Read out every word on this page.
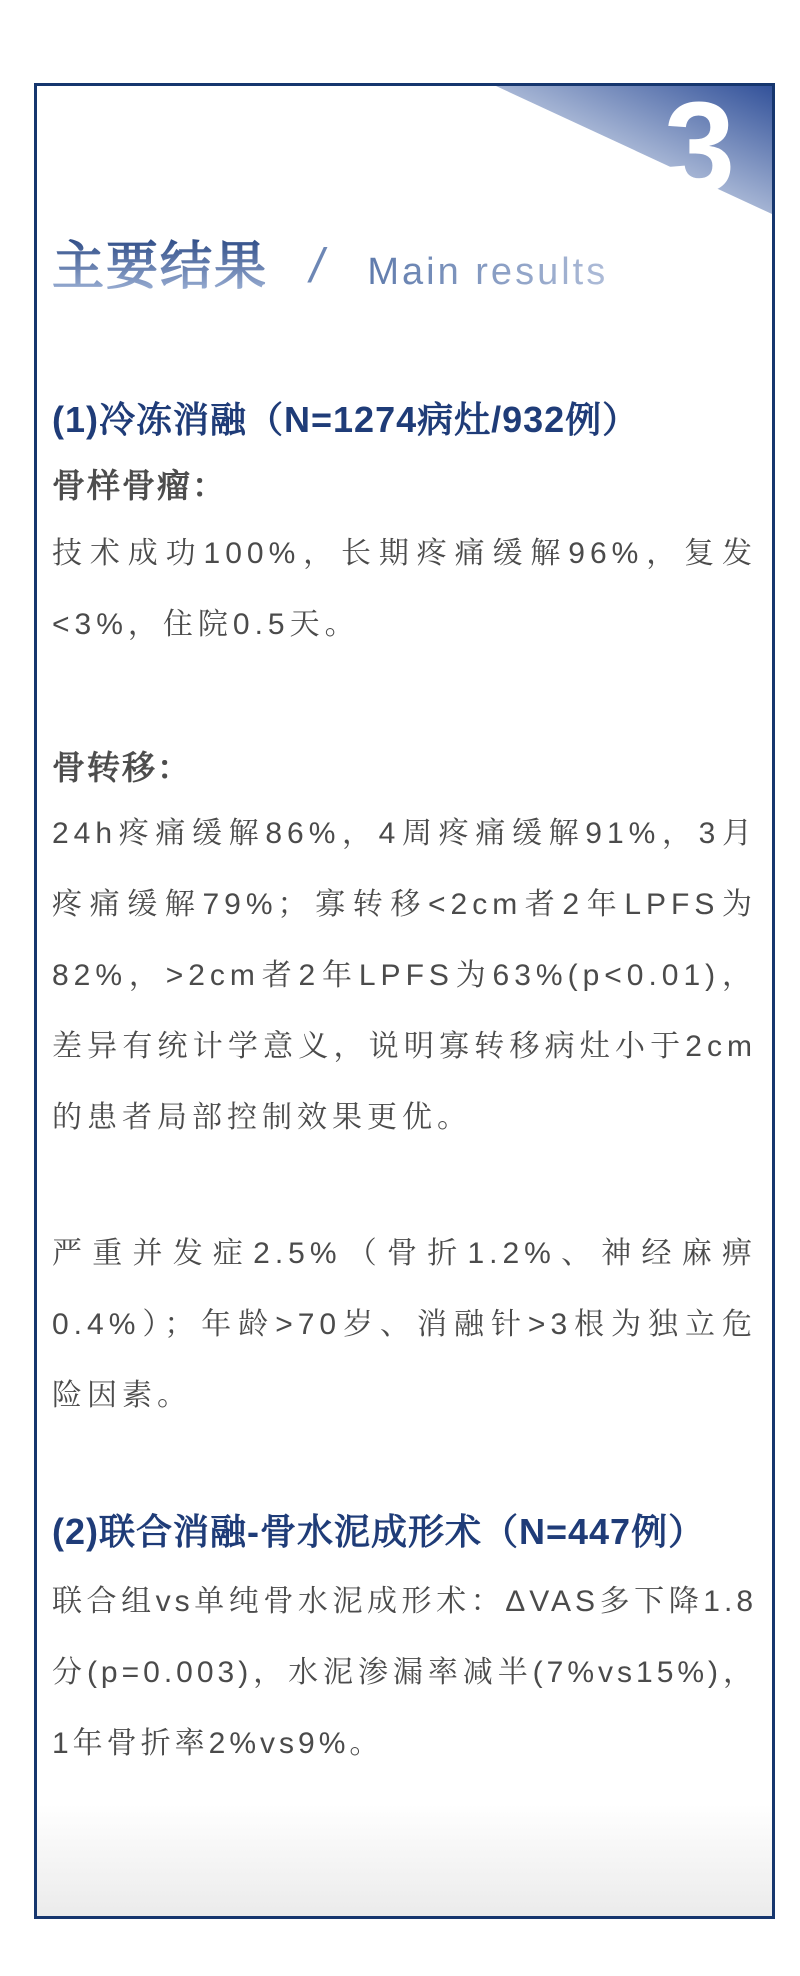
3
主要结果 / Main results
(1)冷冻消融（N=1274病灶/932例）
骨样骨瘤：

技术成功100%，长期疼痛缓解96%，复发<3%，住院0.5天。

骨转移：

24h疼痛缓解86%，4周疼痛缓解91%，3月疼痛缓解79%；寡转移<2cm者2年LPFS为82%，>2cm者2年LPFS为63%(p<0.01)，差异有统计学意义，说明寡转移病灶小于2cm的患者局部控制效果更优。

严重并发症2.5%（骨折1.2%、神经麻痹0.4%）；年龄>70岁、消融针>3根为独立危险因素。

(2)联合消融-骨水泥成形术（N=447例）

联合组vs单纯骨水泥成形术：ΔVAS多下降1.8分(p=0.003)，水泥渗漏率减半(7%vs15%)，1年骨折率2%vs9%。
